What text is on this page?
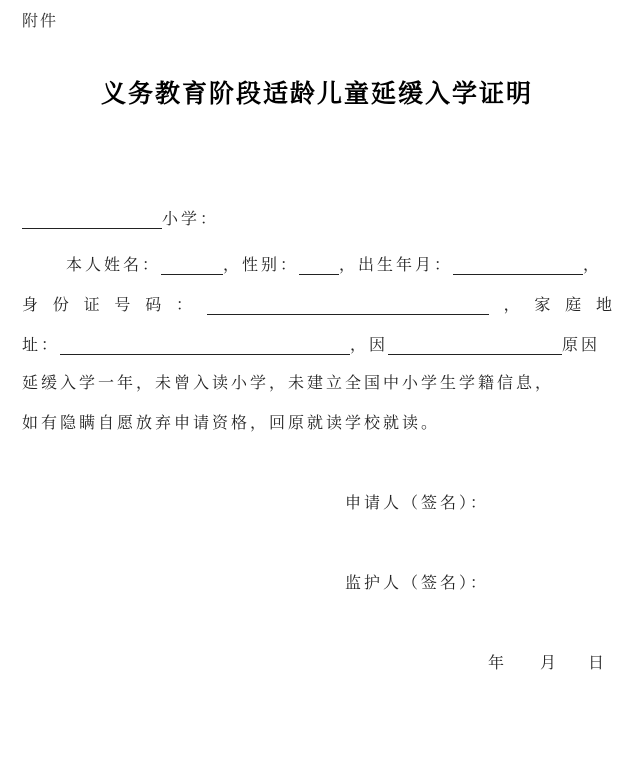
附件
义务教育阶段适龄儿童延缓入学证明
小学：
本人姓名：	，性别：	，出生年月：	，
身 份 证 号 码 ：	， 家 庭 地
址：	，因	原因
延缓入学一年，未曾入读小学，未建立全国中小学生学籍信息，
如有隐瞒自愿放弃申请资格，回原就读学校就读。
申请人（签名）：
监护人（签名）：
年 月 日
